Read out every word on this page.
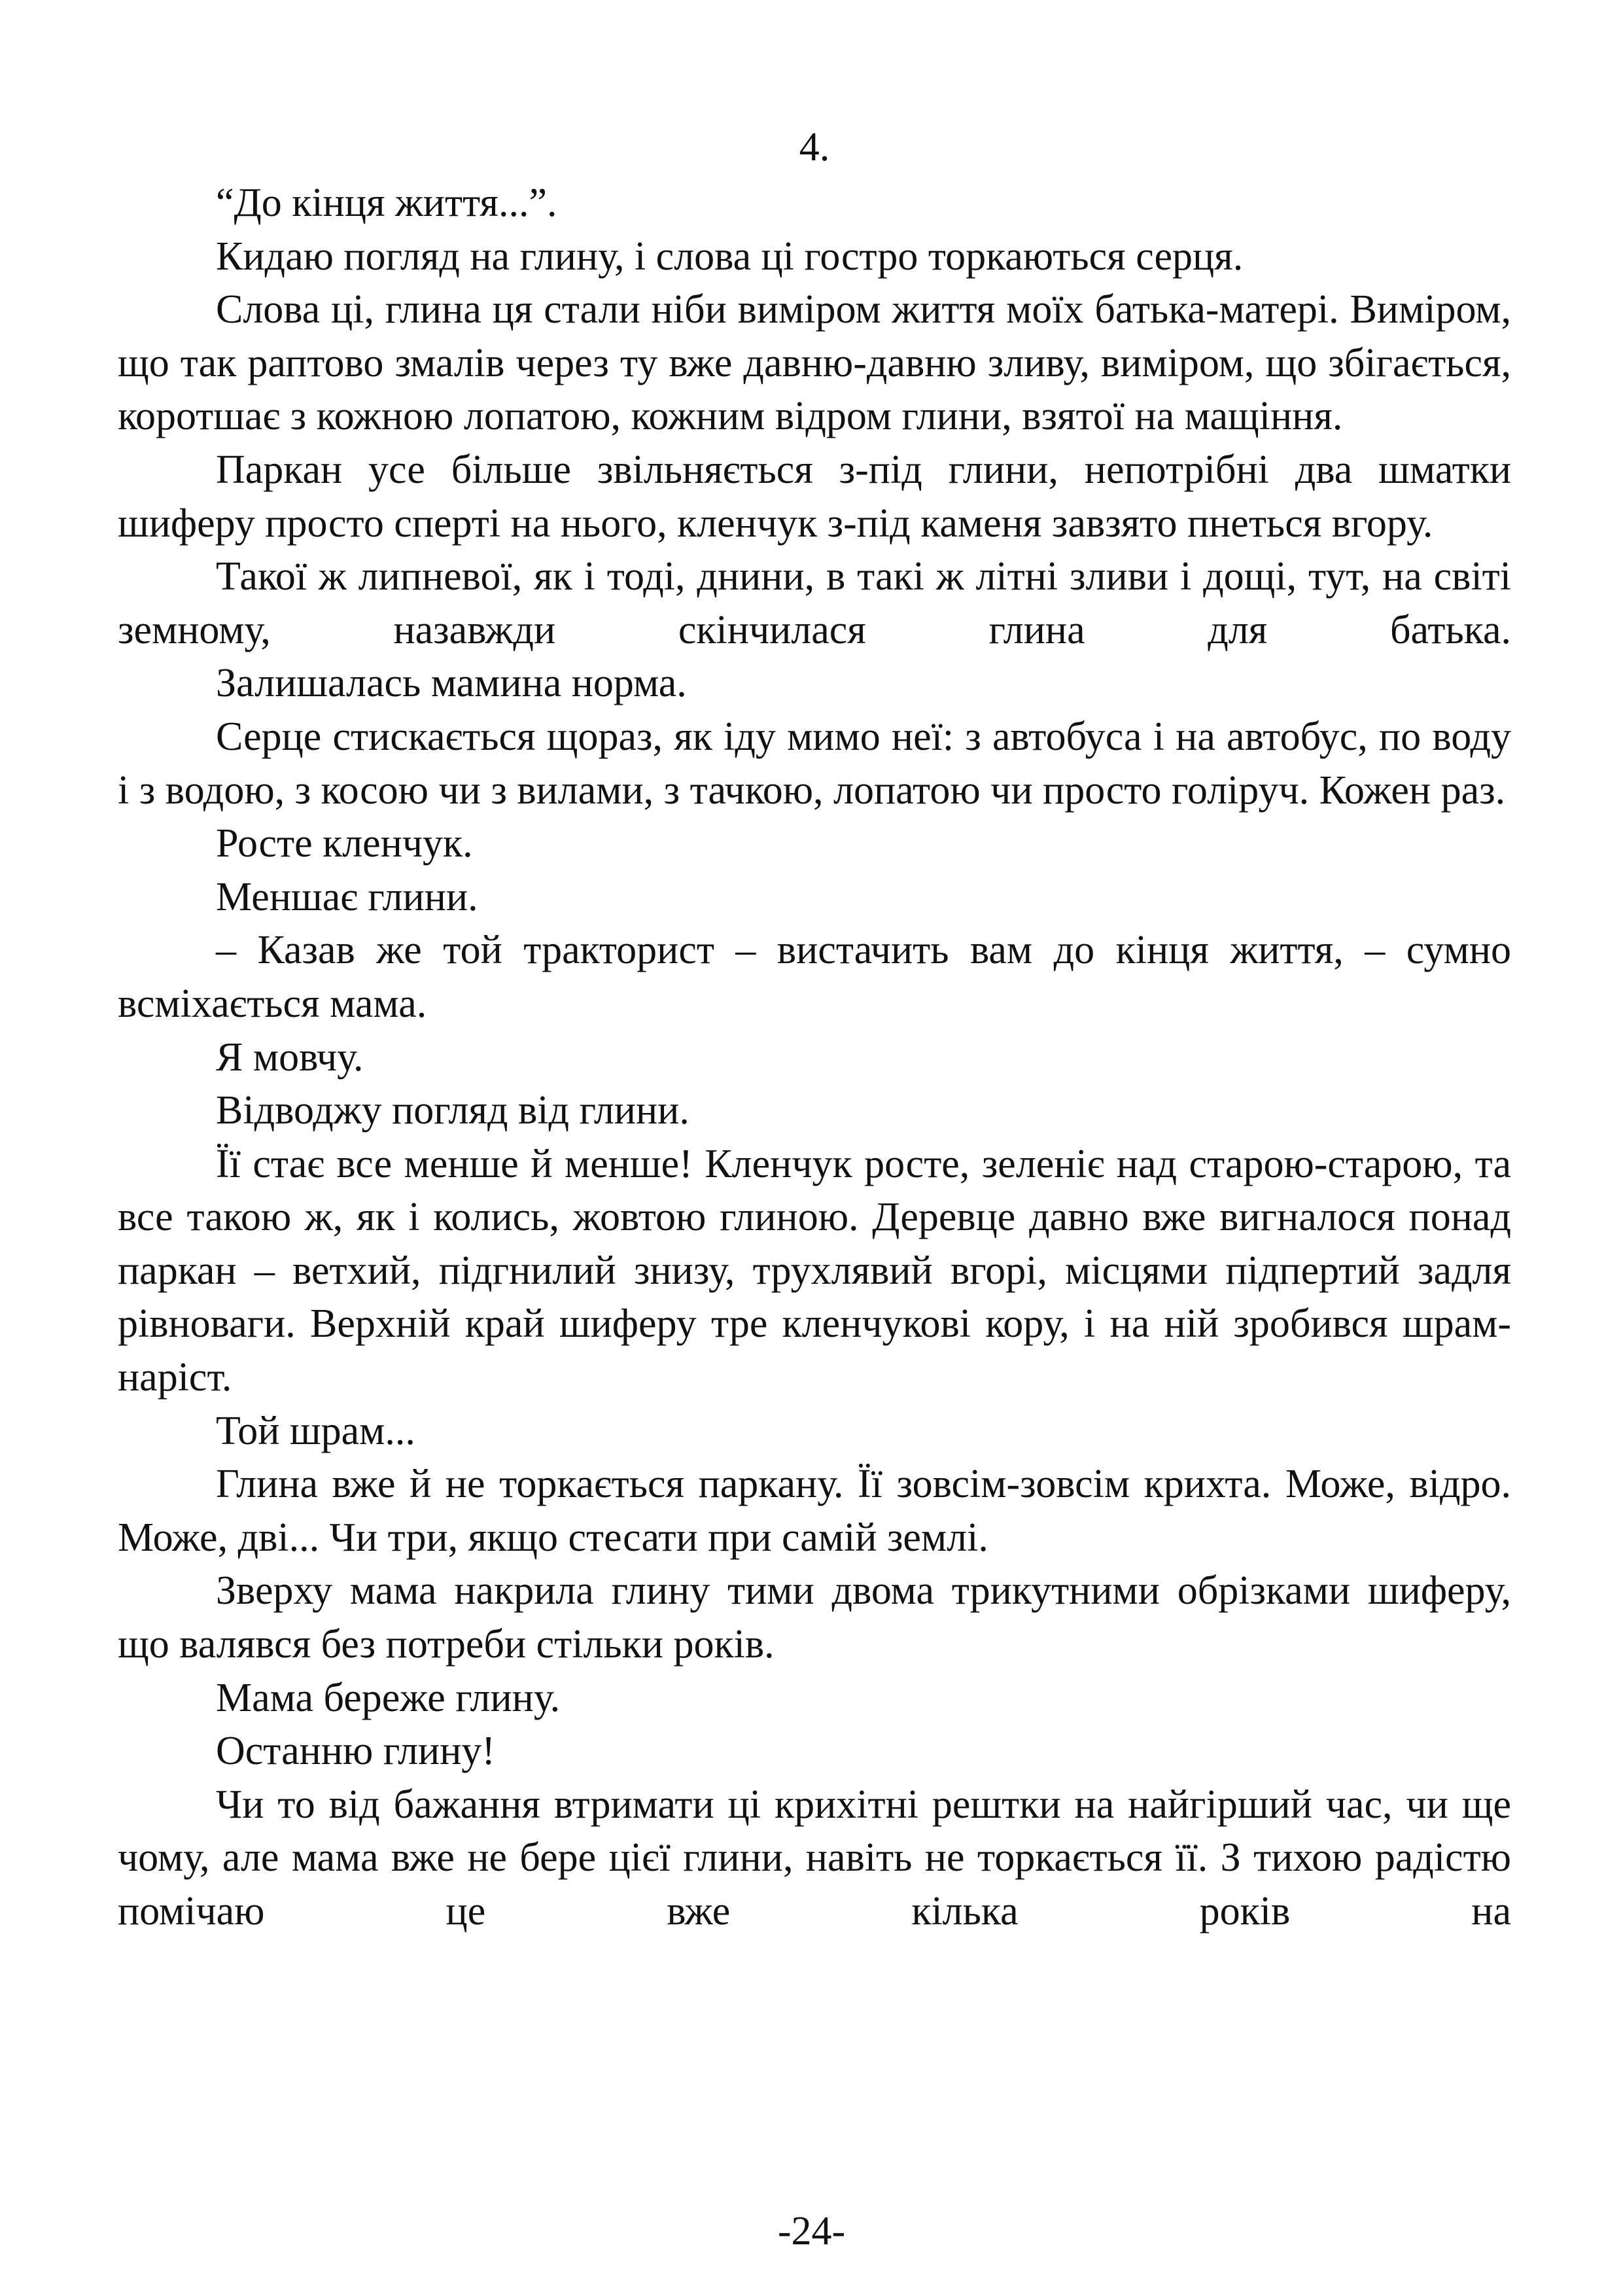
4.

“До кінця життя...”.

Кидаю погляд на глину, і слова ці гостро торкаються серця.

Слова ці, глина ця стали ніби виміром життя моїх батька-матері. Виміром, що так раптово змалів через ту вже давню-давню зливу, виміром, що збігається, коротшає з кожною лопатою, кожним відром глини, взятої на мащіння.

Паркан усе більше звільняється з-під глини, непотрібні два шматки шиферу просто сперті на нього, кленчук з-під каменя завзято пнеться вгору.

Такої ж липневої, як і тоді, днини, в такі ж літні зливи і дощі, тут, на світі земному, назавжди скінчилася глина для батька.

Залишалась мамина норма.

Серце стискається щораз, як іду мимо неї: з автобуса і на автобус, по воду і з водою, з косою чи з вилами, з тачкою, лопатою чи просто голіруч. Кожен раз.

Росте кленчук.

Меншає глини.

– Казав же той тракторист – вистачить вам до кінця життя, – сумно всміхається мама.

Я мовчу.

Відводжу погляд від глини.

Її стає все менше й менше! Кленчук росте, зеленіє над старою-старою, та все такою ж, як і колись, жовтою глиною. Деревце давно вже вигналося понад паркан – ветхий, підгнилий знизу, трухлявий вгорі, місцями підпертий задля рівноваги. Верхній край шиферу тре кленчукові кору, і на ній зробився шрам-наріст.

Той шрам...

Глина вже й не торкається паркану. Її зовсім-зовсім крихта. Може, відро. Може, дві... Чи три, якщо стесати при самій землі.

Зверху мама накрила глину тими двома трикутними обрізками шиферу, що валявся без потреби стільки років.

Мама береже глину.

Останню глину!

Чи то від бажання втримати ці крихітні рештки на найгірший час, чи ще чому, але мама вже не бере цієї глини, навіть не торкається її. З тихою радістю помічаю це вже кілька років на

-24-
